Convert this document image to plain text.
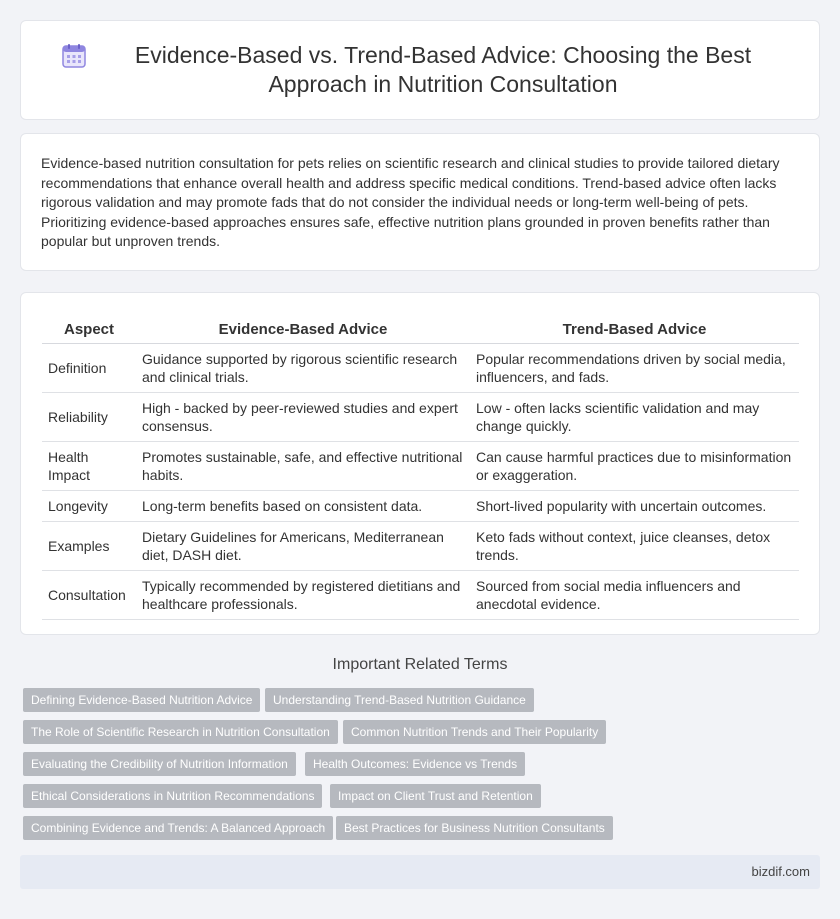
Evidence-Based vs. Trend-Based Advice: Choosing the Best Approach in Nutrition Consultation

Evidence-based nutrition consultation for pets relies on scientific research and clinical studies to provide tailored dietary recommendations that enhance overall health and address specific medical conditions. Trend-based advice often lacks rigorous validation and may promote fads that do not consider the individual needs or long-term well-being of pets. Prioritizing evidence-based approaches ensures safe, effective nutrition plans grounded in proven benefits rather than popular but unproven trends.

Aspect	Evidence-Based Advice	Trend-Based Advice
Definition	Guidance supported by rigorous scientific research and clinical trials.	Popular recommendations driven by social media, influencers, and fads.
Reliability	High - backed by peer-reviewed studies and expert consensus.	Low - often lacks scientific validation and may change quickly.
Health Impact	Promotes sustainable, safe, and effective nutritional habits.	Can cause harmful practices due to misinformation or exaggeration.
Longevity	Long-term benefits based on consistent data.	Short-lived popularity with uncertain outcomes.
Examples	Dietary Guidelines for Americans, Mediterranean diet, DASH diet.	Keto fads without context, juice cleanses, detox trends.
Consultation	Typically recommended by registered dietitians and healthcare professionals.	Sourced from social media influencers and anecdotal evidence.
Important Related Terms
Defining Evidence-Based Nutrition Advice	Understanding Trend-Based Nutrition Guidance
The Role of Scientific Research in Nutrition Consultation	Common Nutrition Trends and Their Popularity
Evaluating the Credibility of Nutrition Information	Health Outcomes: Evidence vs Trends
Ethical Considerations in Nutrition Recommendations	Impact on Client Trust and Retention
Combining Evidence and Trends: A Balanced Approach	Best Practices for Business Nutrition Consultants
bizdif.com
